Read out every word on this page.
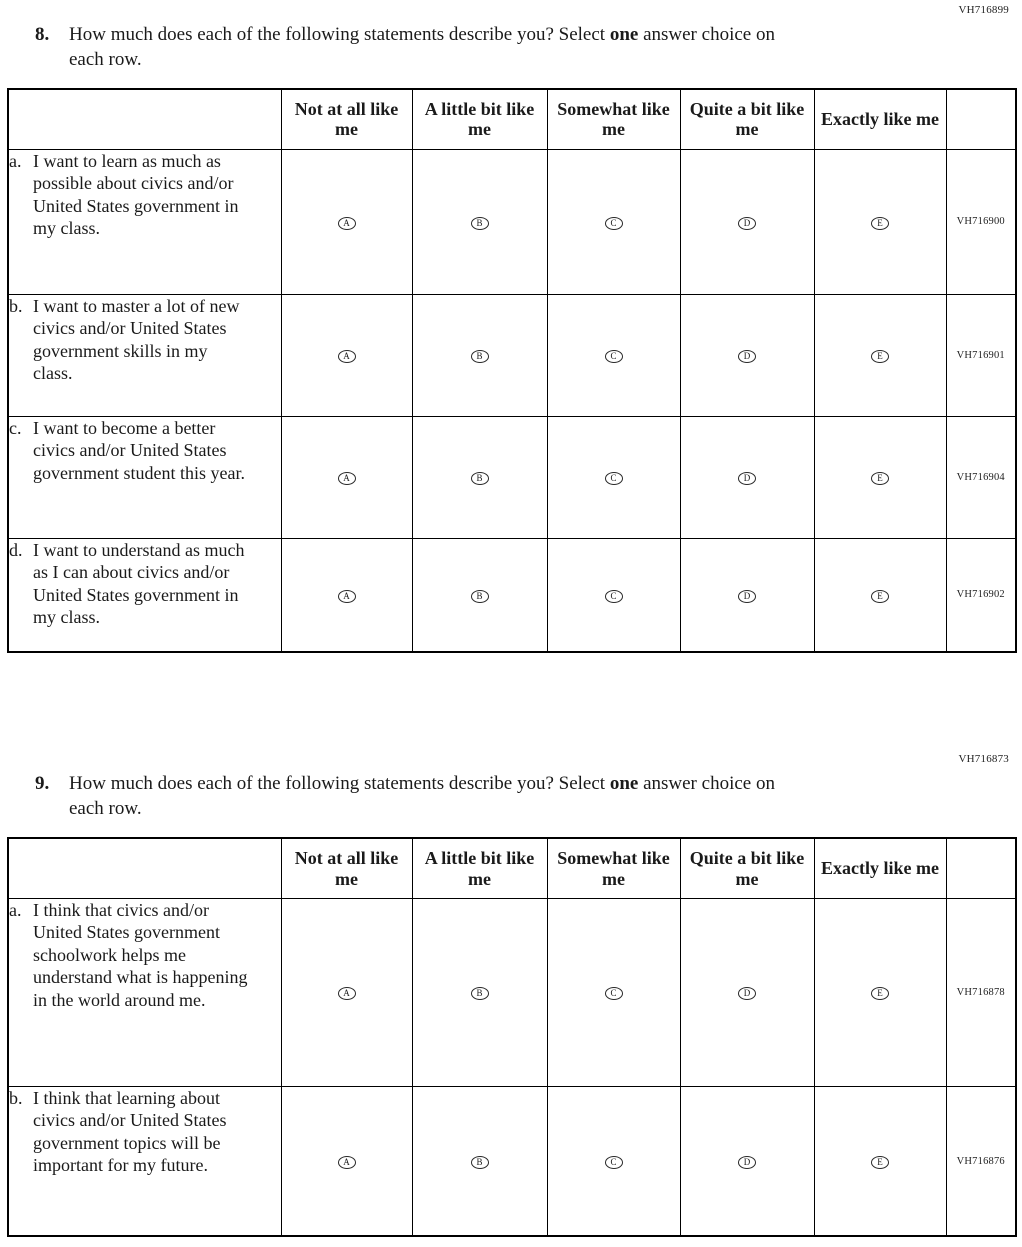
VH716899
8.	How much does each of the following statements describe you? Select one answer choice on each row.
	Not at all like me	A little bit like me	Somewhat like me	Quite a bit like me	Exactly like me	

a. I want to learn as much as possible about civics and/or United States government in my class.	A	B	C	D	E	VH716900

b. I want to master a lot of new civics and/or United States government skills in my class.	A	B	C	D	E	VH716901

c. I want to become a better civics and/or United States government student this year.	A	B	C	D	E	VH716904

d. I want to understand as much as I can about civics and/or United States government in my class.	A	B	C	D	E	VH716902
VH716873
9.	How much does each of the following statements describe you? Select one answer choice on each row.
	Not at all like me	A little bit like me	Somewhat like me	Quite a bit like me	Exactly like me	

a. I think that civics and/or United States government schoolwork helps me understand what is happening in the world around me.	A	B	C	D	E	VH716878

b. I think that learning about civics and/or United States government topics will be important for my future.	A	B	C	D	E	VH716876
